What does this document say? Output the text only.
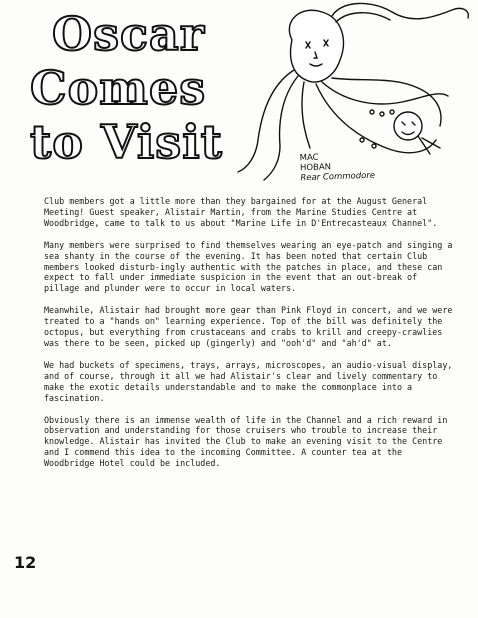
Oscar
Comes
to Visit	MAC
HOBAN
Rear Commodore

Club members got a little more than they bargained for at the August General Meeting! Guest speaker, Alistair Martin, from the Marine Studies Centre at Woodbridge, came to talk to us about "Marine Life in D'Entrecasteaux Channel".

Many members were surprised to find themselves wearing an eye-patch and singing a sea shanty in the course of the evening. It has been noted that certain Club members looked disturb-ingly authentic with the patches in place, and these can expect to fall under immediate suspicion in the event that an out-break of pillage and plunder were to occur in local waters.

Meanwhile, Alistair had brought more gear than Pink Floyd in concert, and we were treated to a "hands on" learning experience. Top of the bill was definitely the octopus, but everything from crustaceans and crabs to krill and creepy-crawlies was there to be seen, picked up (gingerly) and "ooh'd" and "ah'd" at.

We had buckets of specimens, trays, arrays, microscopes, an audio-visual display, and of course, through it all we had Alistair's clear and lively commentary to make the exotic details understandable and to make the commonplace into a fascination.

Obviously there is an immense wealth of life in the Channel and a rich reward in observation and understanding for those cruisers who trouble to increase their knowledge. Alistair has invited the Club to make an evening visit to the Centre and I commend this idea to the incoming Committee. A counter tea at the Woodbridge Hotel could be included.

12
